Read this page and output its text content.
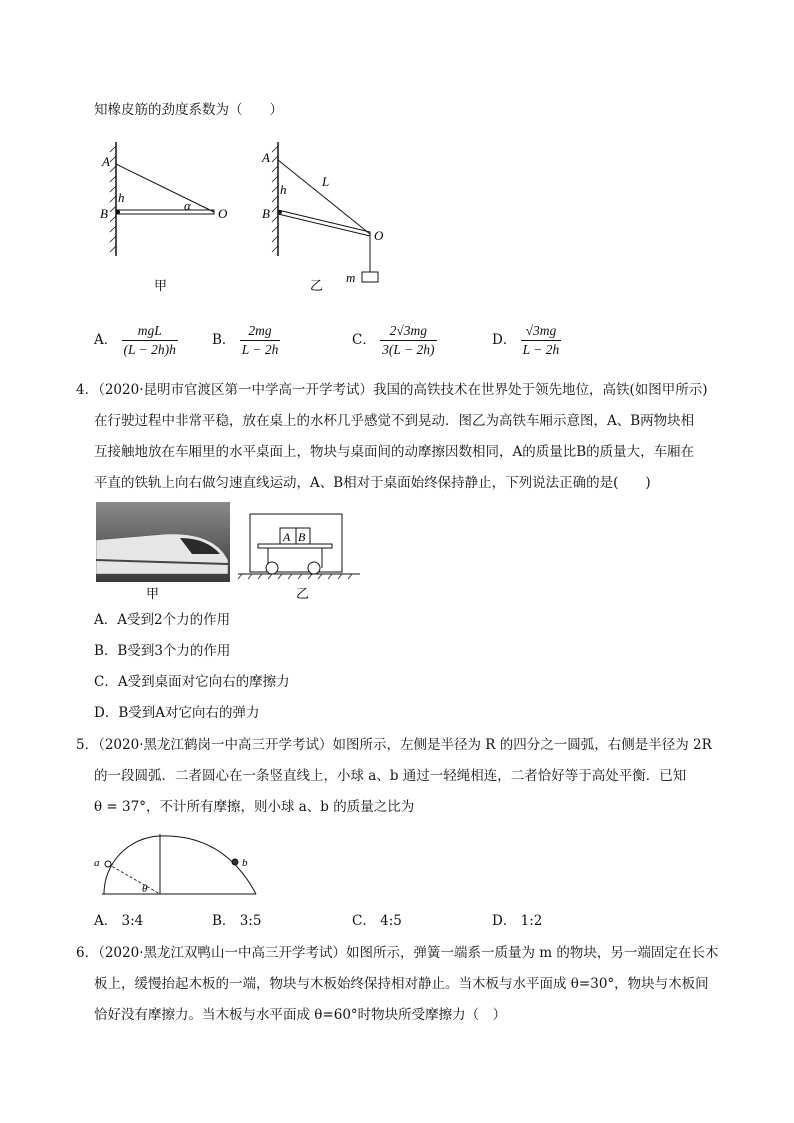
知橡皮筋的劲度系数为（　　）
A
h
B
α
O
甲
A
L
h
B
O
m
乙
A． $\frac{\text{mgL}}{(L - 2h)h}$	B． $\frac{2mg}{L - 2h}$	C． $\frac{2√3mg}{3(L - 2h)}$	D． $\frac{√3mg}{L - 2h}$
4．（2020·昆明市官渡区第一中学高一开学考试）我国的高铁技术在世界处于领先地位，高铁(如图甲所示)
在行驶过程中非常平稳，放在桌上的水杯几乎感觉不到晃动．图乙为高铁车厢示意图，A、B两物块相
互接触地放在车厢里的水平桌面上，物块与桌面间的动摩擦因数相同，A的质量比B的质量大，车厢在
平直的铁轨上向右做匀速直线运动，A、B相对于桌面始终保持静止，下列说法正确的是(　　)
甲
A B
乙
A．A受到2个力的作用
B．B受到3个力的作用
C．A受到桌面对它向右的摩擦力
D．B受到A对它向右的弹力
5．（2020·黑龙江鹤岗一中高三开学考试）如图所示，左侧是半径为 R 的四分之一圆弧，右侧是半径为 2R
的一段圆弧．二者圆心在一条竖直线上，小球 a、b 通过一轻绳相连，二者恰好等于高处平衡．已知
θ = 37°，不计所有摩擦，则小球 a、b 的质量之比为
a	b
θ
A． 3:4	B． 3:5	C． 4:5	D． 1:2
6．（2020·黑龙江双鸭山一中高三开学考试）如图所示，弹簧一端系一质量为 m 的物块，另一端固定在长木
板上，缓慢抬起木板的一端，物块与木板始终保持相对静止。当木板与水平面成 θ=30°，物块与木板间
恰好没有摩擦力。当木板与水平面成 θ=60°时物块所受摩擦力（　）
